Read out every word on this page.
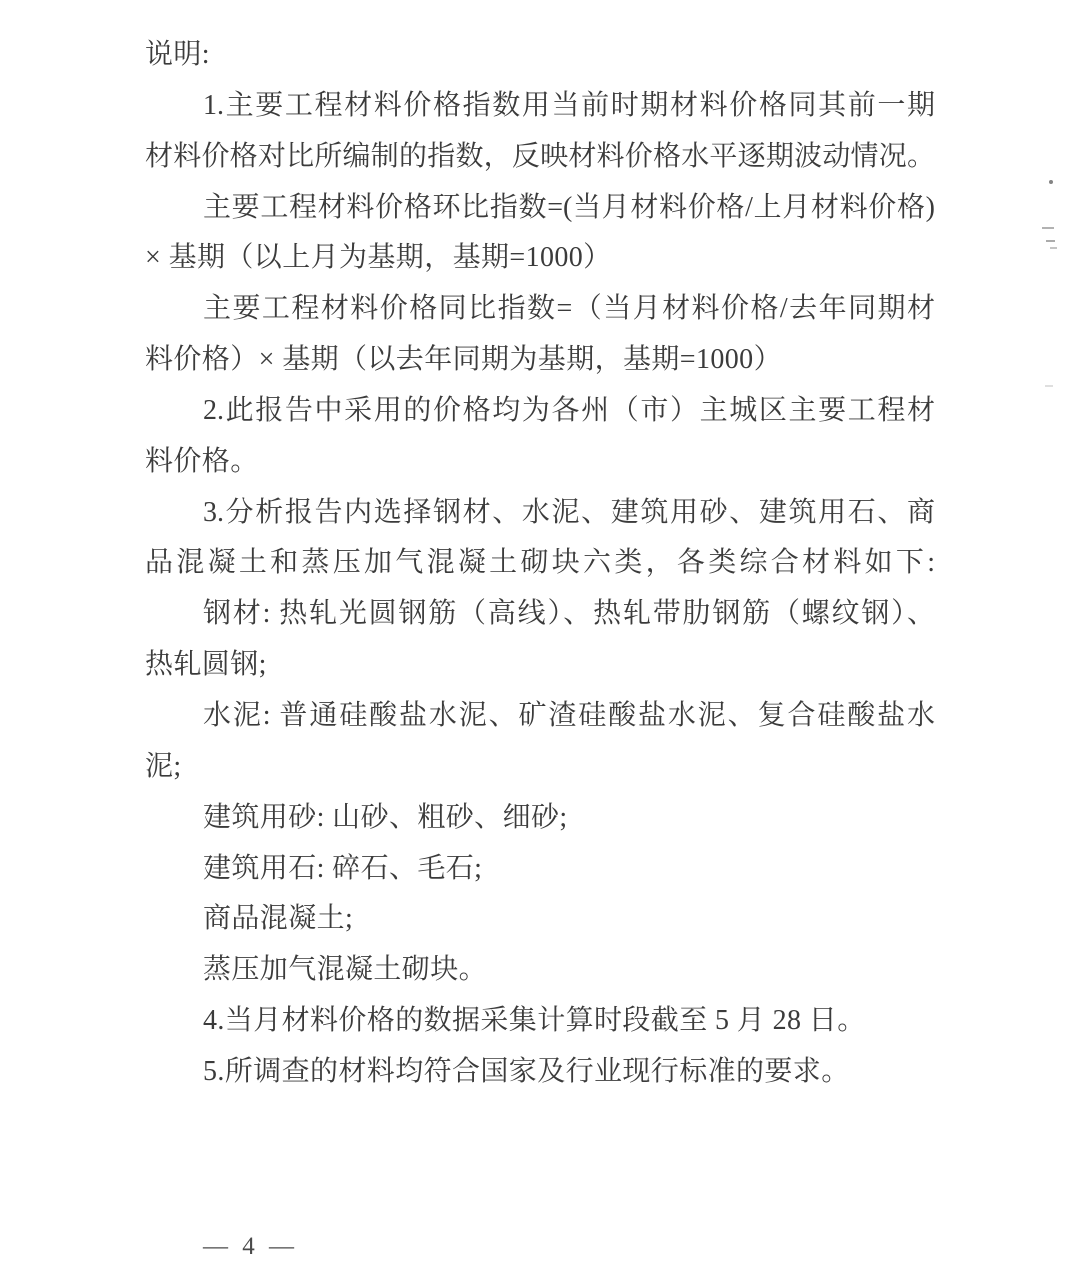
说明:
1.主要工程材料价格指数用当前时期材料价格同其前一期
材料价格对比所编制的指数，反映材料价格水平逐期波动情况。
主要工程材料价格环比指数=(当月材料价格/上月材料价格)
× 基期（以上月为基期，基期=1000）
主要工程材料价格同比指数=（当月材料价格/去年同期材
料价格）× 基期（以去年同期为基期，基期=1000）
2.此报告中采用的价格均为各州（市）主城区主要工程材
料价格。
3.分析报告内选择钢材、水泥、建筑用砂、建筑用石、商
品混凝土和蒸压加气混凝土砌块六类，各类综合材料如下:
钢材: 热轧光圆钢筋（高线）、热轧带肋钢筋（螺纹钢）、
热轧圆钢;
水泥: 普通硅酸盐水泥、矿渣硅酸盐水泥、复合硅酸盐水
泥;
建筑用砂: 山砂、粗砂、细砂;
建筑用石: 碎石、毛石;
商品混凝土;
蒸压加气混凝土砌块。
4.当月材料价格的数据采集计算时段截至 5 月 28 日。
5.所调查的材料均符合国家及行业现行标准的要求。
— 4 —
